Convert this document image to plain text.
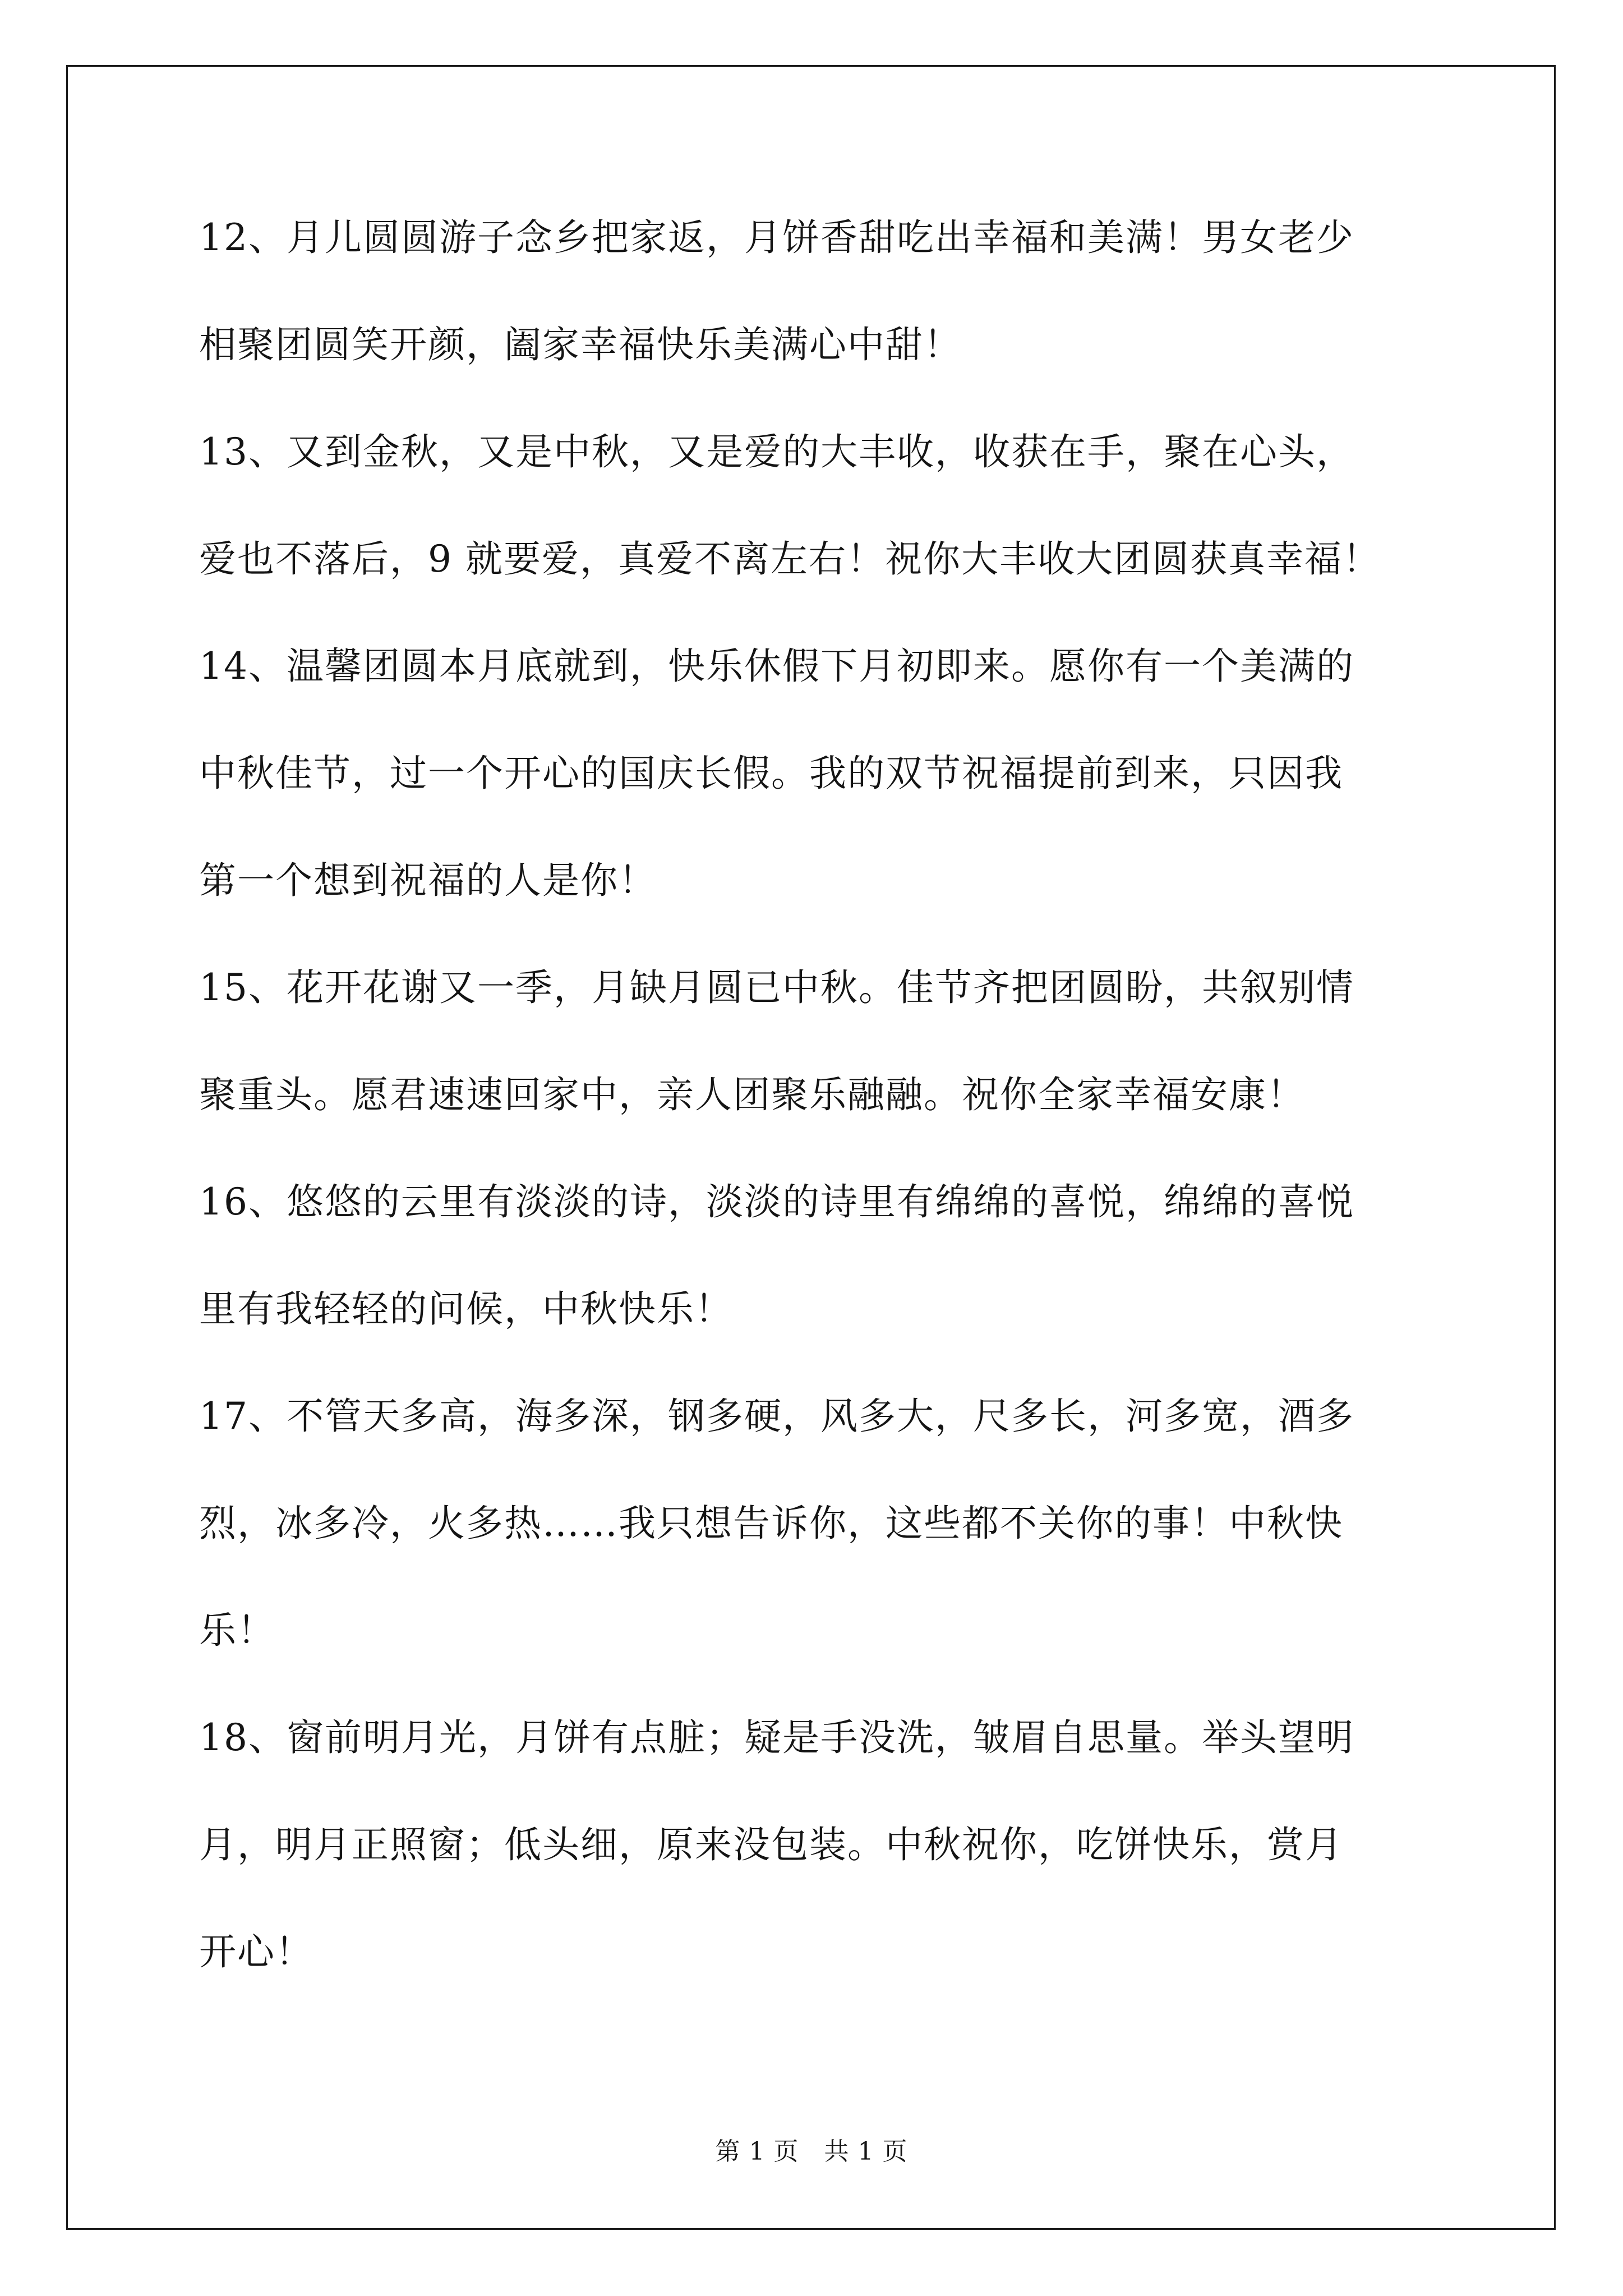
12、月儿圆圆游子念乡把家返，月饼香甜吃出幸福和美满！男女老少
相聚团圆笑开颜，阖家幸福快乐美满心中甜！
13、又到金秋，又是中秋，又是爱的大丰收，收获在手，聚在心头，
爱也不落后，9 就要爱，真爱不离左右！祝你大丰收大团圆获真幸福！
14、温馨团圆本月底就到，快乐休假下月初即来。愿你有一个美满的
中秋佳节，过一个开心的国庆长假。我的双节祝福提前到来，只因我
第一个想到祝福的人是你！
15、花开花谢又一季，月缺月圆已中秋。佳节齐把团圆盼，共叙别情
聚重头。愿君速速回家中，亲人团聚乐融融。祝你全家幸福安康！
16、悠悠的云里有淡淡的诗，淡淡的诗里有绵绵的喜悦，绵绵的喜悦
里有我轻轻的问候，中秋快乐！
17、不管天多高，海多深，钢多硬，风多大，尺多长，河多宽，酒多
烈，冰多冷，火多热……我只想告诉你，这些都不关你的事！中秋快
乐！
18、窗前明月光，月饼有点脏；疑是手没洗，皱眉自思量。举头望明
月，明月正照窗；低头细，原来没包装。中秋祝你，吃饼快乐，赏月
开心！
第 1 页　共 1 页
